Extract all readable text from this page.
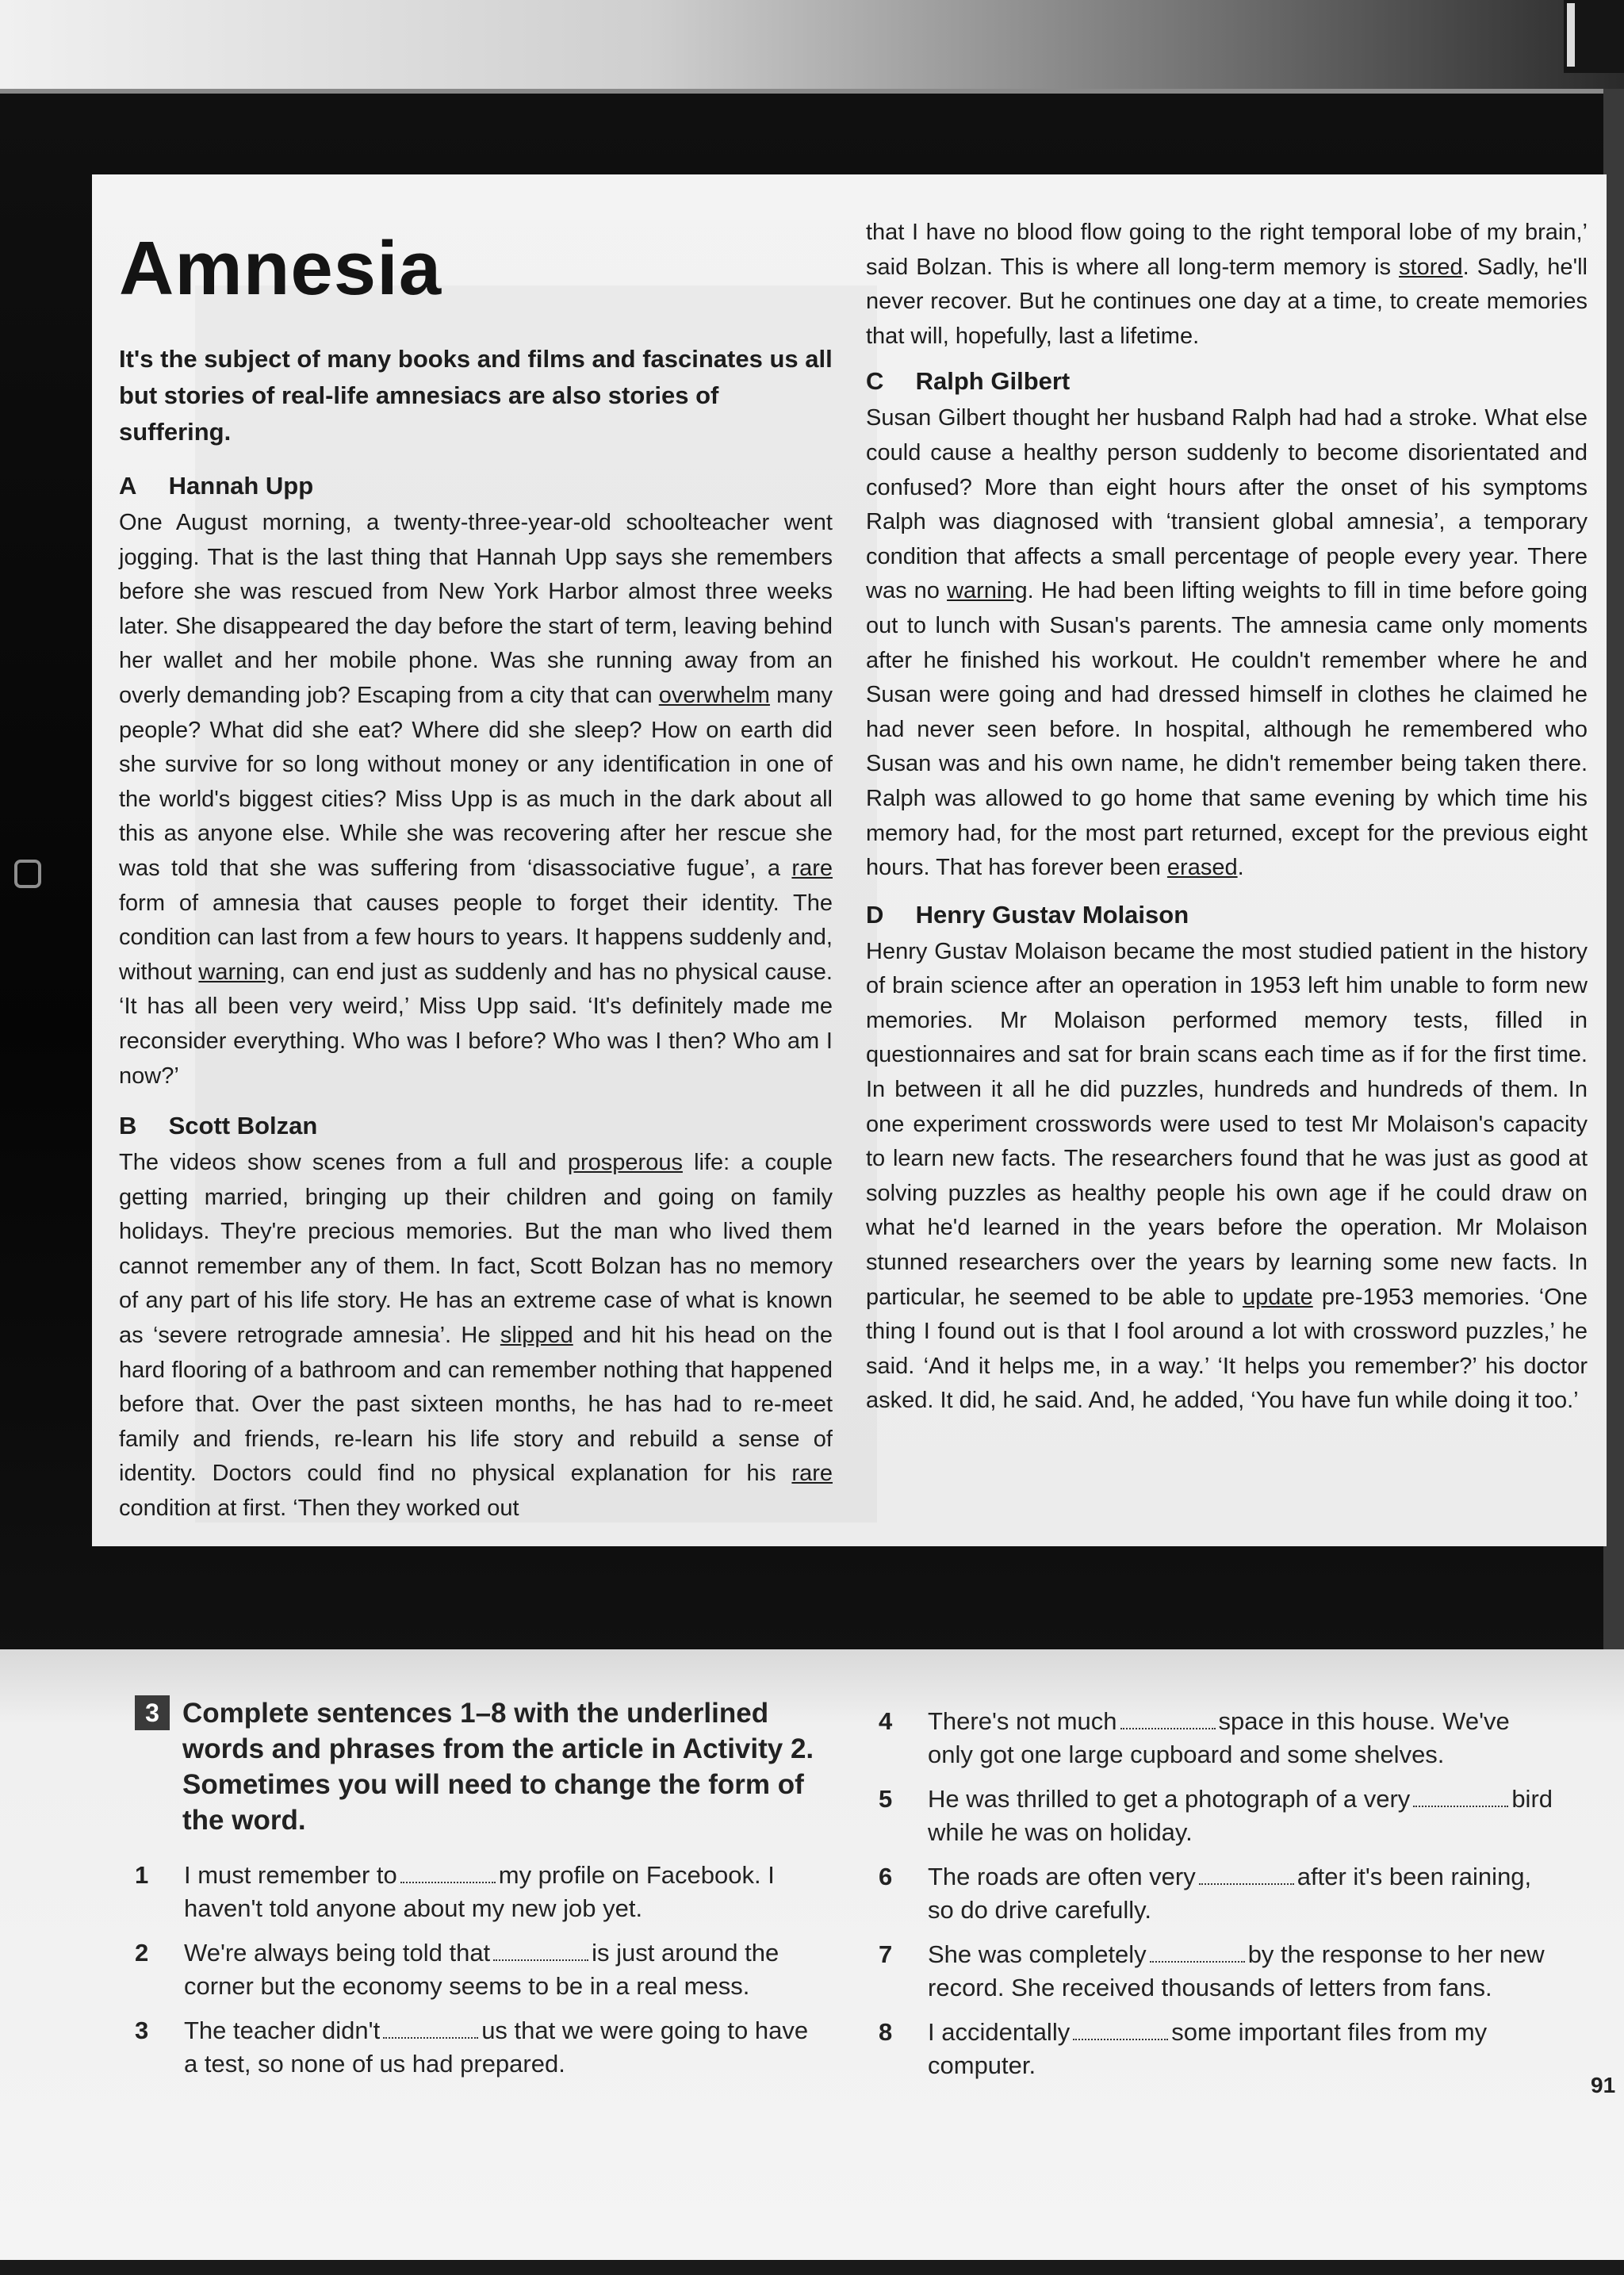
Amnesia

It's the subject of many books and films and fascinates us all but stories of real-life amnesiacs are also stories of suffering.

A Hannah Upp

One August morning, a twenty-three-year-old schoolteacher went jogging. That is the last thing that Hannah Upp says she remembers before she was rescued from New York Harbor almost three weeks later. She disappeared the day before the start of term, leaving behind her wallet and her mobile phone. Was she running away from an overly demanding job? Escaping from a city that can overwhelm many people? What did she eat? Where did she sleep? How on earth did she survive for so long without money or any identification in one of the world's biggest cities? Miss Upp is as much in the dark about all this as anyone else. While she was recovering after her rescue she was told that she was suffering from ‘disassociative fugue’, a rare form of amnesia that causes people to forget their identity. The condition can last from a few hours to years. It happens suddenly and, without warning, can end just as suddenly and has no physical cause. ‘It has all been very weird,’ Miss Upp said. ‘It's definitely made me reconsider everything. Who was I before? Who was I then? Who am I now?’

B Scott Bolzan

The videos show scenes from a full and prosperous life: a couple getting married, bringing up their children and going on family holidays. They're precious memories. But the man who lived them cannot remember any of them. In fact, Scott Bolzan has no memory of any part of his life story. He has an extreme case of what is known as ‘severe retrograde amnesia’. He slipped and hit his head on the hard flooring of a bathroom and can remember nothing that happened before that. Over the past sixteen months, he has had to re-meet family and friends, re-learn his life story and rebuild a sense of identity. Doctors could find no physical explanation for his rare condition at first. ‘Then they worked out

that I have no blood flow going to the right temporal lobe of my brain,’ said Bolzan. This is where all long-term memory is stored. Sadly, he'll never recover. But he continues one day at a time, to create memories that will, hopefully, last a lifetime.

C Ralph Gilbert

Susan Gilbert thought her husband Ralph had had a stroke. What else could cause a healthy person suddenly to become disorientated and confused? More than eight hours after the onset of his symptoms Ralph was diagnosed with ‘transient global amnesia’, a temporary condition that affects a small percentage of people every year. There was no warning. He had been lifting weights to fill in time before going out to lunch with Susan's parents. The amnesia came only moments after he finished his workout. He couldn't remember where he and Susan were going and had dressed himself in clothes he claimed he had never seen before. In hospital, although he remembered who Susan was and his own name, he didn't remember being taken there. Ralph was allowed to go home that same evening by which time his memory had, for the most part returned, except for the previous eight hours. That has forever been erased.

D Henry Gustav Molaison

Henry Gustav Molaison became the most studied patient in the history of brain science after an operation in 1953 left him unable to form new memories. Mr Molaison performed memory tests, filled in questionnaires and sat for brain scans each time as if for the first time. In between it all he did puzzles, hundreds and hundreds of them. In one experiment crosswords were used to test Mr Molaison's capacity to learn new facts. The researchers found that he was just as good at solving puzzles as healthy people his own age if he could draw on what he'd learned in the years before the operation. Mr Molaison stunned researchers over the years by learning some new facts. In particular, he seemed to be able to update pre-1953 memories. ‘One thing I found out is that I fool around a lot with crossword puzzles,’ he said. ‘And it helps me, in a way.’ ‘It helps you remember?’ his doctor asked. It did, he said. And, he added, ‘You have fun while doing it too.’

3 Complete sentences 1–8 with the underlined words and phrases from the article in Activity 2. Sometimes you will need to change the form of the word.
1	I must remember to	my profile on Facebook. I haven't told anyone about my new job yet.
2	We're always being told that	is just around the corner but the economy seems to be in a real mess.
3	The teacher didn't	us that we were going to have a test, so none of us had prepared.
4	There's not much	space in this house. We've only got one large cupboard and some shelves.
5	He was thrilled to get a photograph of a very	bird while he was on holiday.
6	The roads are often very	after it's been raining, so do drive carefully.
7	She was completely	by the response to her new record. She received thousands of letters from fans.
8	I accidentally	some important files from my computer.
91
